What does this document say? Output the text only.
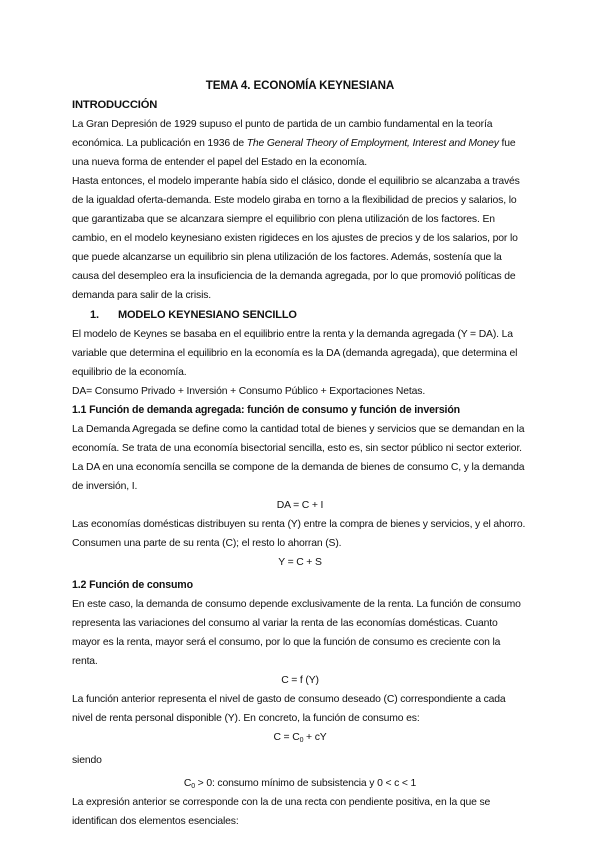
TEMA 4. ECONOMÍA KEYNESIANA
INTRODUCCIÓN

La Gran Depresión de 1929 supuso el punto de partida de un cambio fundamental en la teoría económica. La publicación en 1936 de The General Theory of Employment, Interest and Money fue una nueva forma de entender el papel del Estado en la economía.

Hasta entonces, el modelo imperante había sido el clásico, donde el equilibrio se alcanzaba a través de la igualdad oferta-demanda. Este modelo giraba en torno a la flexibilidad de precios y salarios, lo que garantizaba que se alcanzara siempre el equilibrio con plena utilización de los factores. En cambio, en el modelo keynesiano existen rigideces en los ajustes de precios y de los salarios, por lo que puede alcanzarse un equilibrio sin plena utilización de los factores. Además, sostenía que la causa del desempleo era la insuficiencia de la demanda agregada, por lo que promovió políticas de demanda para salir de la crisis.

1. MODELO KEYNESIANO SENCILLO

El modelo de Keynes se basaba en el equilibrio entre la renta y la demanda agregada (Y = DA). La variable que determina el equilibrio en la economía es la DA (demanda agregada), que determina el equilibrio de la economía.

DA= Consumo Privado + Inversión + Consumo Público + Exportaciones Netas.

1.1 Función de demanda agregada: función de consumo y función de inversión

La Demanda Agregada se define como la cantidad total de bienes y servicios que se demandan en la economía. Se trata de una economía bisectorial sencilla, esto es, sin sector público ni sector exterior.

La DA en una economía sencilla se compone de la demanda de bienes de consumo C, y la demanda de inversión, I.

DA = C + I

Las economías domésticas distribuyen su renta (Y) entre la compra de bienes y servicios, y el ahorro. Consumen una parte de su renta (C); el resto lo ahorran (S).

Y = C + S

1.2 Función de consumo

En este caso, la demanda de consumo depende exclusivamente de la renta. La función de consumo representa las variaciones del consumo al variar la renta de las economías domésticas. Cuanto mayor es la renta, mayor será el consumo, por lo que la función de consumo es creciente con la renta.

C = f (Y)

La función anterior representa el nivel de gasto de consumo deseado (C) correspondiente a cada nivel de renta personal disponible (Y). En concreto, la función de consumo es:

$C = C_0$ + cY

siendo

$C_0 > 0$: consumo mínimo de subsistencia y 0 < c < 1

La expresión anterior se corresponde con la de una recta con pendiente positiva, en la que se identifican dos elementos esenciales:
